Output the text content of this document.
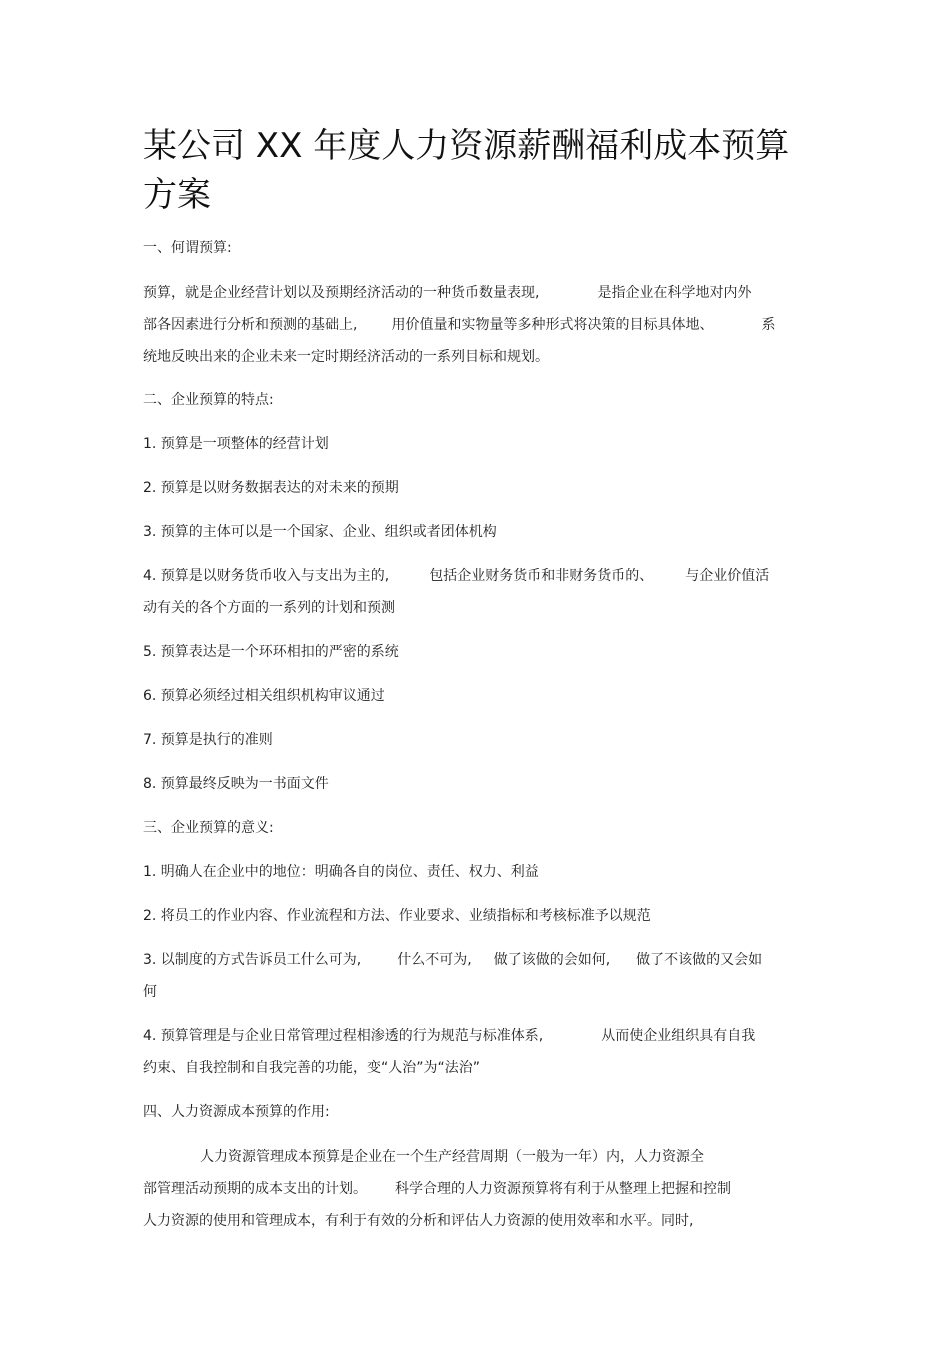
某公司 XX 年度人力资源薪酬福利成本预算
方案
一、何谓预算:
预算，就是企业经营计划以及预期经济活动的一种货币数量表现,	是指企业在科学地对内外
部各因素进行分析和预测的基础上, 用价值量和实物量等多种形式将决策的目标具体地、	系
统地反映出来的企业未来一定时期经济活动的一系列目标和规划。
二、企业预算的特点:
1. 预算是一项整体的经营计划
2. 预算是以财务数据表达的对未来的预期
3. 预算的主体可以是一个国家、企业、组织或者团体机构
4. 预算是以财务货币收入与支出为主的,	包括企业财务货币和非财务货币的、 与企业价值活
动有关的各个方面的一系列的计划和预测
5. 预算表达是一个环环相扣的严密的系统
6. 预算必须经过相关组织机构审议通过
7. 预算是执行的准则
8. 预算最终反映为一书面文件
三、企业预算的意义:
1. 明确人在企业中的地位：明确各自的岗位、责任、权力、利益
2. 将员工的作业内容、作业流程和方法、作业要求、业绩指标和考核标准予以规范
3. 以制度的方式告诉员工什么可为,	什么不可为, 做了该做的会如何, 做了不该做的又会如
何
4. 预算管理是与企业日常管理过程相渗透的行为规范与标准体系,	从而使企业组织具有自我
约束、自我控制和自我完善的功能，变“人治”为“法治”
四、人力资源成本预算的作用:
人力资源管理成本预算是企业在一个生产经营周期（一般为一年）内，人力资源全
部管理活动预期的成本支出的计划。 科学合理的人力资源预算将有利于从整理上把握和控制
人力资源的使用和管理成本，有利于有效的分析和评估人力资源的使用效率和水平。同时,
